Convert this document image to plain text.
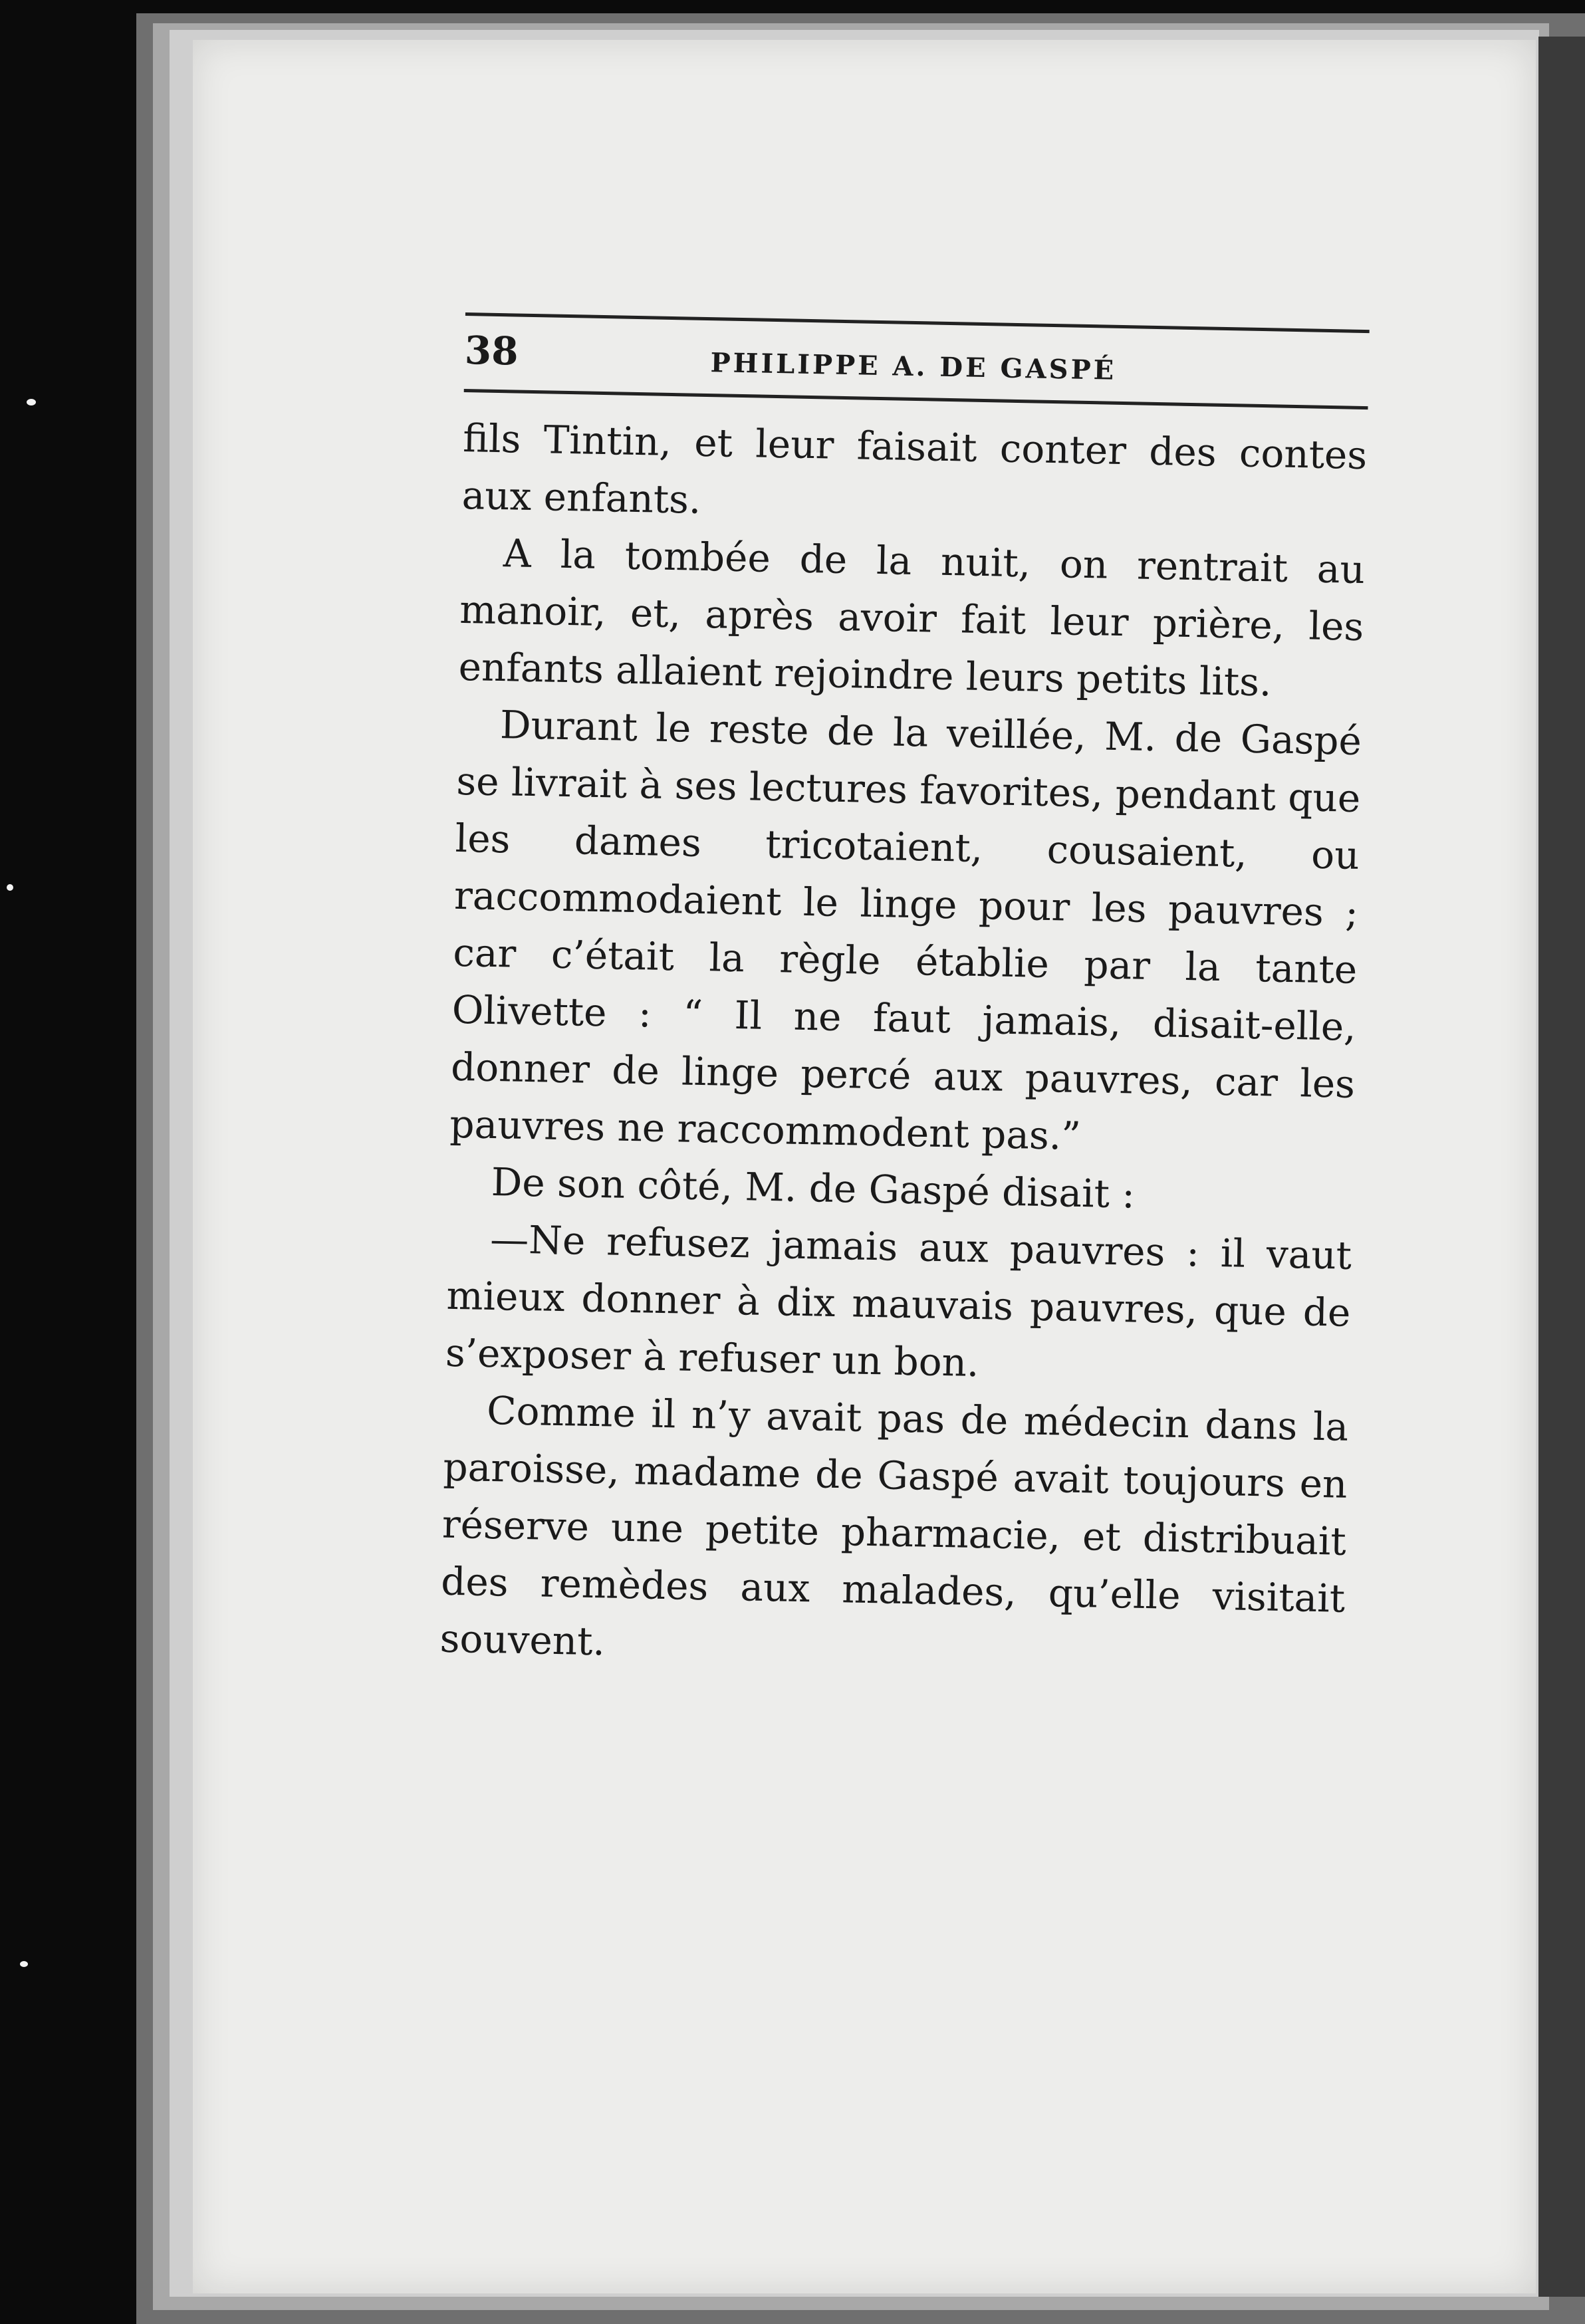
38	PHILIPPE A. DE GASPÉ

fils Tintin, et leur faisait conter des contes aux enfants.

A la tombée de la nuit, on rentrait au manoir, et, après avoir fait leur prière, les enfants allaient rejoindre leurs petits lits.

Durant le reste de la veillée, M. de Gaspé se livrait à ses lectures favorites, pendant que les dames tricotaient, cousaient, ou raccommodaient le linge pour les pauvres ; car c’était la règle établie par la tante Olivette : “ Il ne faut jamais, disait-elle, donner de linge percé aux pauvres, car les pauvres ne raccommodent pas.”

De son côté, M. de Gaspé disait :

—Ne refusez jamais aux pauvres : il vaut mieux donner à dix mauvais pauvres, que de s’exposer à refuser un bon.

Comme il n’y avait pas de médecin dans la paroisse, madame de Gaspé avait toujours en réserve une petite pharmacie, et distribuait des remèdes aux malades, qu’elle visitait souvent.
